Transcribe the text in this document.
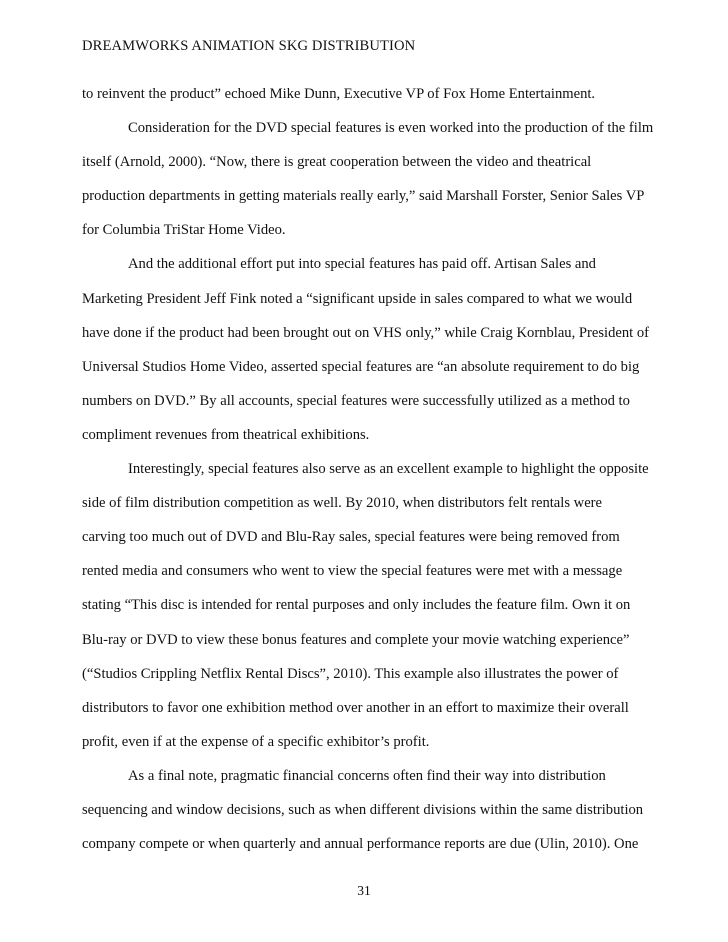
DREAMWORKS ANIMATION SKG DISTRIBUTION
to reinvent the product” echoed Mike Dunn, Executive VP of Fox Home Entertainment.
Consideration for the DVD special features is even worked into the production of the film
itself (Arnold, 2000). “Now, there is great cooperation between the video and theatrical
production departments in getting materials really early,” said Marshall Forster, Senior Sales VP
for Columbia TriStar Home Video.
And the additional effort put into special features has paid off. Artisan Sales and
Marketing President Jeff Fink noted a “significant upside in sales compared to what we would
have done if the product had been brought out on VHS only,” while Craig Kornblau, President of
Universal Studios Home Video, asserted special features are “an absolute requirement to do big
numbers on DVD.” By all accounts, special features were successfully utilized as a method to
compliment revenues from theatrical exhibitions.
Interestingly, special features also serve as an excellent example to highlight the opposite
side of film distribution competition as well. By 2010, when distributors felt rentals were
carving too much out of DVD and Blu-Ray sales, special features were being removed from
rented media and consumers who went to view the special features were met with a message
stating “This disc is intended for rental purposes and only includes the feature film. Own it on
Blu-ray or DVD to view these bonus features and complete your movie watching experience”
(“Studios Crippling Netflix Rental Discs”, 2010). This example also illustrates the power of
distributors to favor one exhibition method over another in an effort to maximize their overall
profit, even if at the expense of a specific exhibitor’s profit.
As a final note, pragmatic financial concerns often find their way into distribution
sequencing and window decisions, such as when different divisions within the same distribution
company compete or when quarterly and annual performance reports are due (Ulin, 2010). One
31
